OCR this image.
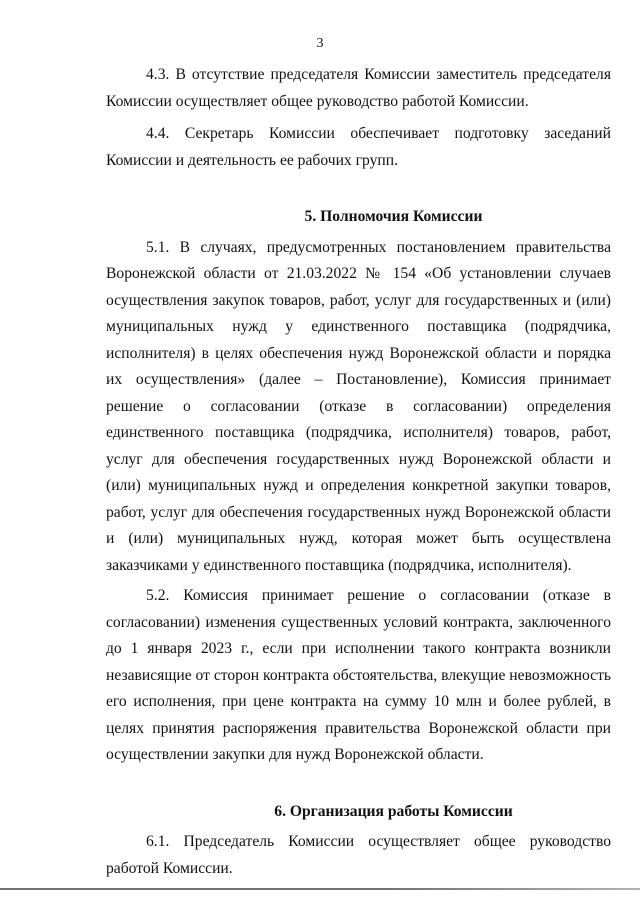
3

4.3. В отсутствие председателя Комиссии заместитель председателя Комиссии осуществляет общее руководство работой Комиссии.

4.4. Секретарь Комиссии обеспечивает подготовку заседаний Комиссии и деятельность ее рабочих групп.

5. Полномочия Комиссии

5.1. В случаях, предусмотренных постановлением правительства Воронежской области от 21.03.2022 № 154 «Об установлении случаев осуществления закупок товаров, работ, услуг для государственных и (или) муниципальных нужд у единственного поставщика (подрядчика, исполнителя) в целях обеспечения нужд Воронежской области и порядка их осуществления» (далее – Постановление), Комиссия принимает решение о согласовании (отказе в согласовании) определения единственного поставщика (подрядчика, исполнителя) товаров, работ, услуг для обеспечения государственных нужд Воронежской области и (или) муниципальных нужд и определения конкретной закупки товаров, работ, услуг для обеспечения государственных нужд Воронежской области и (или) муниципальных нужд, которая может быть осуществлена заказчиками у единственного поставщика (подрядчика, исполнителя).

5.2. Комиссия принимает решение о согласовании (отказе в согласовании) изменения существенных условий контракта, заключенного до 1 января 2023 г., если при исполнении такого контракта возникли независящие от сторон контракта обстоятельства, влекущие невозможность его исполнения, при цене контракта на сумму 10 млн и более рублей, в целях принятия распоряжения правительства Воронежской области при осуществлении закупки для нужд Воронежской области.

6. Организация работы Комиссии

6.1. Председатель Комиссии осуществляет общее руководство работой Комиссии.
